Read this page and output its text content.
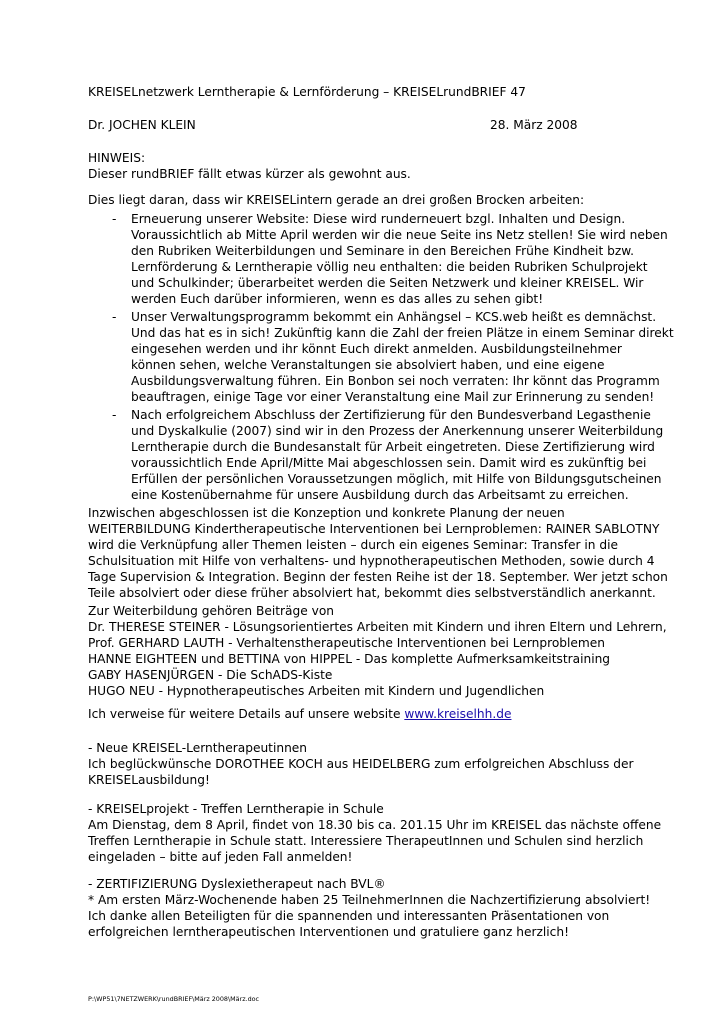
KREISELnetzwerk Lerntherapie & Lernförderung – KREISELrundBRIEF 47

Dr. JOCHEN KLEIN	28. März 2008

HINWEIS:
Dieser rundBRIEF fällt etwas kürzer als gewohnt aus.

Dies liegt daran, dass wir KREISELintern gerade an drei großen Brocken arbeiten:

-	Erneuerung unserer Website: Diese wird runderneuert bzgl. Inhalten und Design.
Voraussichtlich ab Mitte April werden wir die neue Seite ins Netz stellen! Sie wird neben
den Rubriken Weiterbildungen und Seminare in den Bereichen Frühe Kindheit bzw.
Lernförderung & Lerntherapie völlig neu enthalten: die beiden Rubriken Schulprojekt
und Schulkinder; überarbeitet werden die Seiten Netzwerk und kleiner KREISEL. Wir
werden Euch darüber informieren, wenn es das alles zu sehen gibt!

-	Unser Verwaltungsprogramm bekommt ein Anhängsel – KCS.web heißt es demnächst.
Und das hat es in sich! Zukünftig kann die Zahl der freien Plätze in einem Seminar direkt
eingesehen werden und ihr könnt Euch direkt anmelden. Ausbildungsteilnehmer
können sehen, welche Veranstaltungen sie absolviert haben, und eine eigene
Ausbildungsverwaltung führen. Ein Bonbon sei noch verraten: Ihr könnt das Programm
beauftragen, einige Tage vor einer Veranstaltung eine Mail zur Erinnerung zu senden!

-	Nach erfolgreichem Abschluss der Zertifizierung für den Bundesverband Legasthenie
und Dyskalkulie (2007) sind wir in den Prozess der Anerkennung unserer Weiterbildung
Lerntherapie durch die Bundesanstalt für Arbeit eingetreten. Diese Zertifizierung wird
voraussichtlich Ende April/Mitte Mai abgeschlossen sein. Damit wird es zukünftig bei
Erfüllen der persönlichen Voraussetzungen möglich, mit Hilfe von Bildungsgutscheinen
eine Kostenübernahme für unsere Ausbildung durch das Arbeitsamt zu erreichen.

Inzwischen abgeschlossen ist die Konzeption und konkrete Planung der neuen
WEITERBILDUNG Kindertherapeutische Interventionen bei Lernproblemen: RAINER SABLOTNY
wird die Verknüpfung aller Themen leisten – durch ein eigenes Seminar: Transfer in die
Schulsituation mit Hilfe von verhaltens- und hypnotherapeutischen Methoden, sowie durch 4
Tage Supervision & Integration. Beginn der festen Reihe ist der 18. September. Wer jetzt schon
Teile absolviert oder diese früher absolviert hat, bekommt dies selbstverständlich anerkannt.

Zur Weiterbildung gehören Beiträge von
Dr. THERESE STEINER - Lösungsorientiertes Arbeiten mit Kindern und ihren Eltern und Lehrern,
Prof. GERHARD LAUTH - Verhaltenstherapeutische Interventionen bei Lernproblemen
HANNE EIGHTEEN und BETTINA von HIPPEL - Das komplette Aufmerksamkeitstraining
GABY HASENJÜRGEN - Die SchADS-Kiste
HUGO NEU - Hypnotherapeutisches Arbeiten mit Kindern und Jugendlichen

Ich verweise für weitere Details auf unsere website www.kreiselhh.de

- Neue KREISEL-Lerntherapeutinnen
Ich beglückwünsche DOROTHEE KOCH aus HEIDELBERG zum erfolgreichen Abschluss der
KREISELausbildung!

- KREISELprojekt - Treffen Lerntherapie in Schule
Am Dienstag, dem 8 April, findet von 18.30 bis ca. 201.15 Uhr im KREISEL das nächste offene
Treffen Lerntherapie in Schule statt. Interessiere TherapeutInnen und Schulen sind herzlich
eingeladen – bitte auf jeden Fall anmelden!

- ZERTIFIZIERUNG Dyslexietherapeut nach BVL®
* Am ersten März-Wochenende haben 25 TeilnehmerInnen die Nachzertifizierung absolviert!
Ich danke allen Beteiligten für die spannenden und interessanten Präsentationen von
erfolgreichen lerntherapeutischen Interventionen und gratuliere ganz herzlich!

P:\WP51\7NETZWERK\rundBRIEF\März 2008\März.doc
